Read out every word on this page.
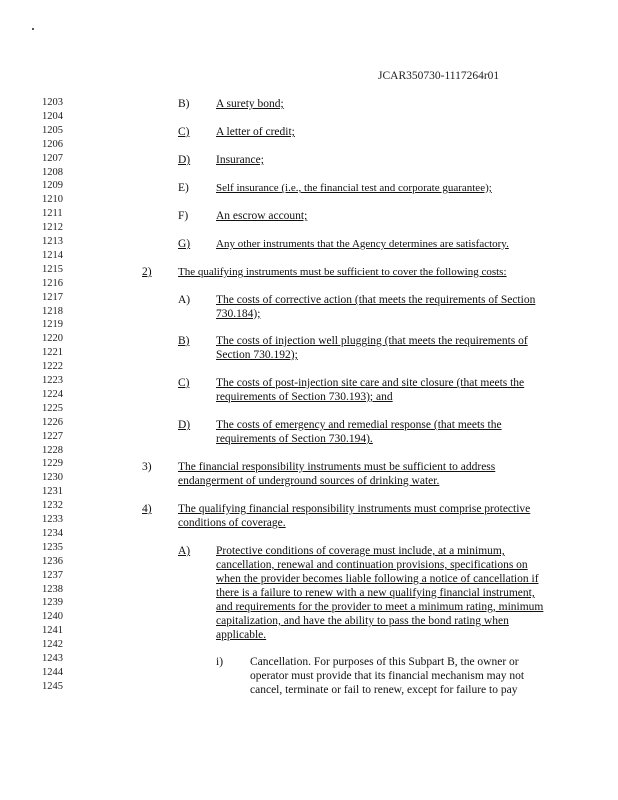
JCAR350730-1117264r01
1203
1204
1205
1206
1207
1208
1209
1210
1211
1212
1213
1214
1215
1216
1217
1218
1219
1220
1221
1222
1223
1224
1225
1226
1227
1228
1229
1230
1231
1232
1233
1234
1235
1236
1237
1238
1239
1240
1241
1242
1243
1244
1245
B) A surety bond;

C) A letter of credit;

D) Insurance;

E) Self insurance (i.e., the financial test and corporate guarantee);

F) An escrow account;

G) Any other instruments that the Agency determines are satisfactory.

2) The qualifying instruments must be sufficient to cover the following costs:

A) The costs of corrective action (that meets the requirements of Section 730.184);

B) The costs of injection well plugging (that meets the requirements of Section 730.192);

C) The costs of post-injection site care and site closure (that meets the requirements of Section 730.193); and

D) The costs of emergency and remedial response (that meets the requirements of Section 730.194).

3) The financial responsibility instruments must be sufficient to address endangerment of underground sources of drinking water.

4) The qualifying financial responsibility instruments must comprise protective conditions of coverage.

A) Protective conditions of coverage must include, at a minimum, cancellation, renewal and continuation provisions, specifications on when the provider becomes liable following a notice of cancellation if there is a failure to renew with a new qualifying financial instrument, and requirements for the provider to meet a minimum rating, minimum capitalization, and have the ability to pass the bond rating when applicable.

i) Cancellation. For purposes of this Subpart B, the owner or operator must provide that its financial mechanism may not cancel, terminate or fail to renew, except for failure to pay
